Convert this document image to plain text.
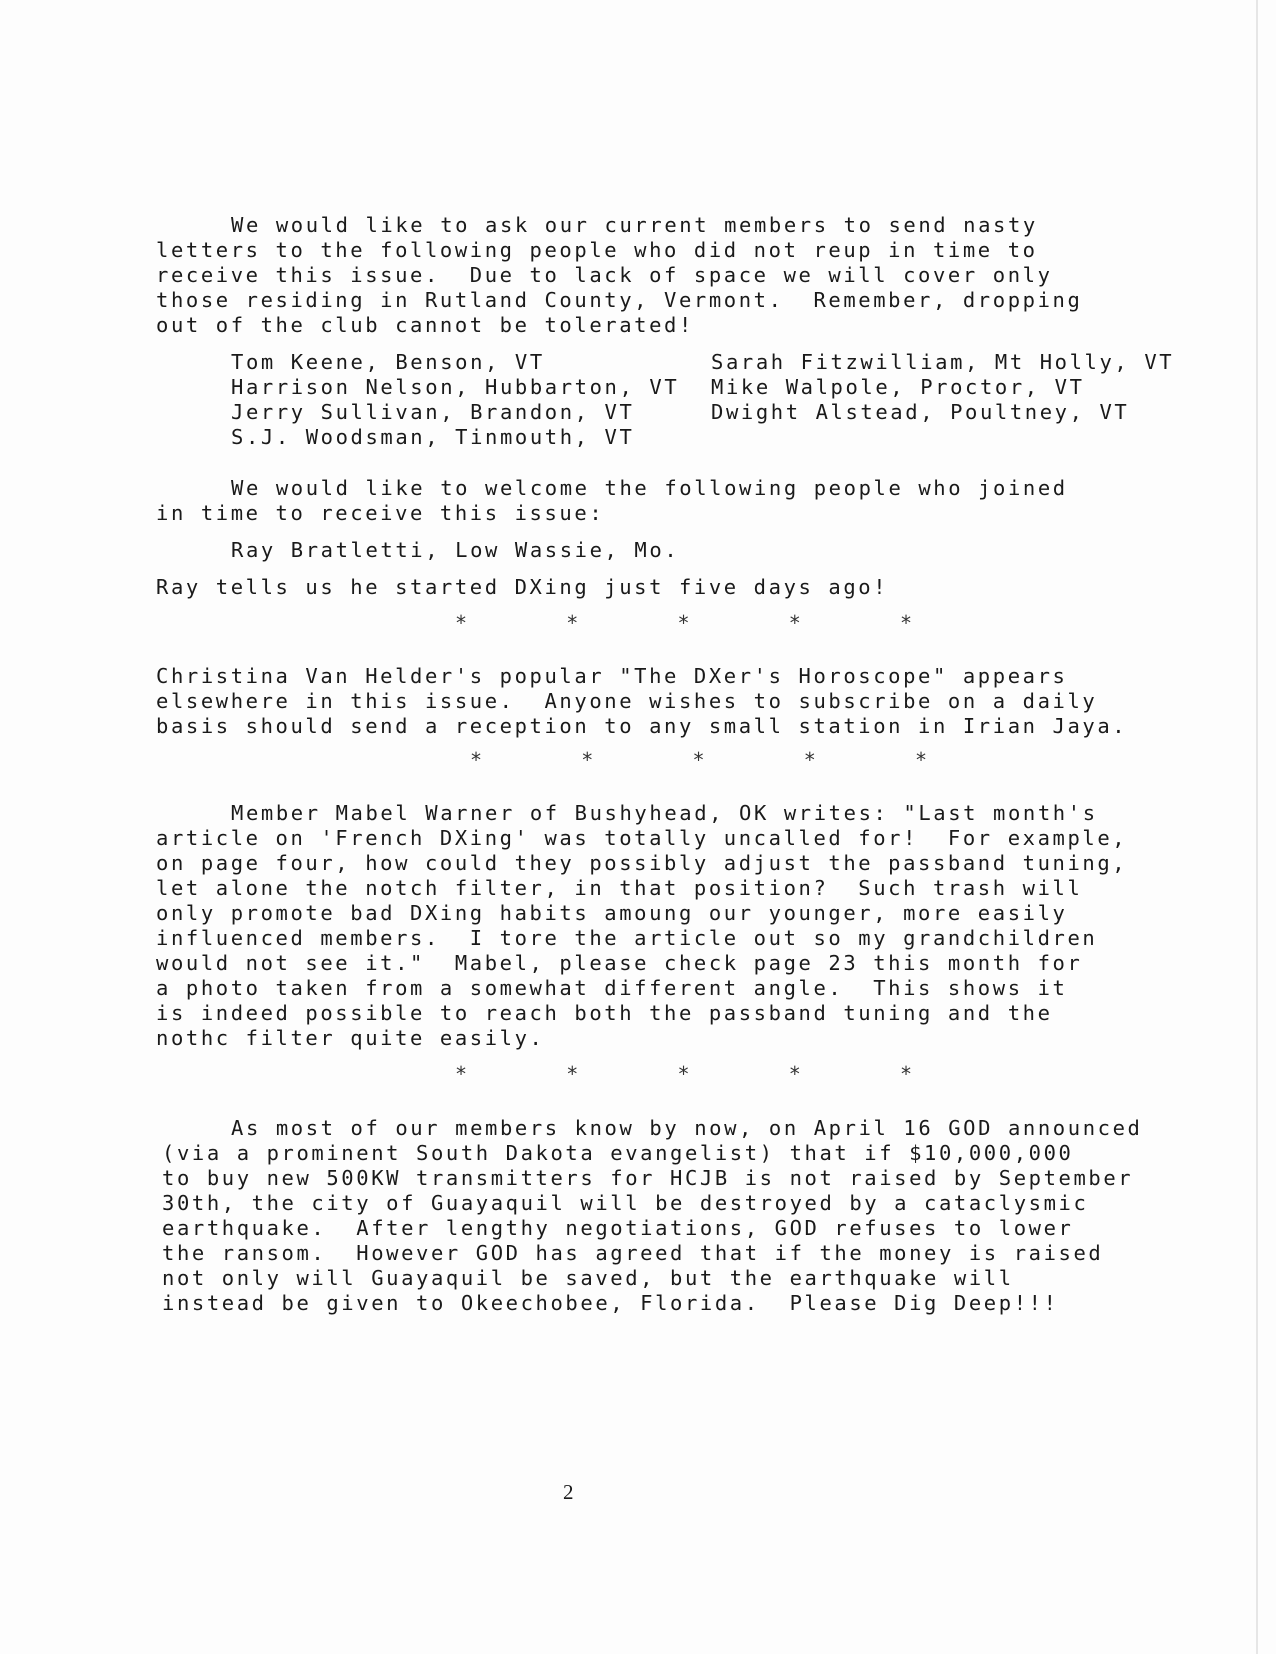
We would like to ask our current members to send nasty
letters to the following people who did not reup in time to
receive this issue.  Due to lack of space we will cover only
those residing in Rutland County, Vermont.  Remember, dropping
out of the club cannot be tolerated!
Tom Keene, Benson, VT
Harrison Nelson, Hubbarton, VT
Jerry Sullivan, Brandon, VT
S.J. Woodsman, Tinmouth, VT
Sarah Fitzwilliam, Mt Holly, VT
Mike Walpole, Proctor, VT
Dwight Alstead, Poultney, VT
We would like to welcome the following people who joined
in time to receive this issue:
Ray Bratletti, Low Wassie, Mo.
Ray tells us he started DXing just five days ago!
*     *     *     *     *
Christina Van Helder's popular "The DXer's Horoscope" appears
elsewhere in this issue.  Anyone wishes to subscribe on a daily
basis should send a reception to any small station in Irian Jaya.
*     *     *     *     *
Member Mabel Warner of Bushyhead, OK writes: "Last month's
article on 'French DXing' was totally uncalled for!  For example,
on page four, how could they possibly adjust the passband tuning,
let alone the notch filter, in that position?  Such trash will
only promote bad DXing habits amoung our younger, more easily
influenced members.  I tore the article out so my grandchildren
would not see it."  Mabel, please check page 23 this month for
a photo taken from a somewhat different angle.  This shows it
is indeed possible to reach both the passband tuning and the
nothc filter quite easily.
*     *     *     *     *
As most of our members know by now, on April 16 GOD announced
(via a prominent South Dakota evangelist) that if $10,000,000
to buy new 500KW transmitters for HCJB is not raised by September
30th, the city of Guayaquil will be destroyed by a cataclysmic
earthquake.  After lengthy negotiations, GOD refuses to lower
the ransom.  However GOD has agreed that if the money is raised
not only will Guayaquil be saved, but the earthquake will
instead be given to Okeechobee, Florida.  Please Dig Deep!!!
2
